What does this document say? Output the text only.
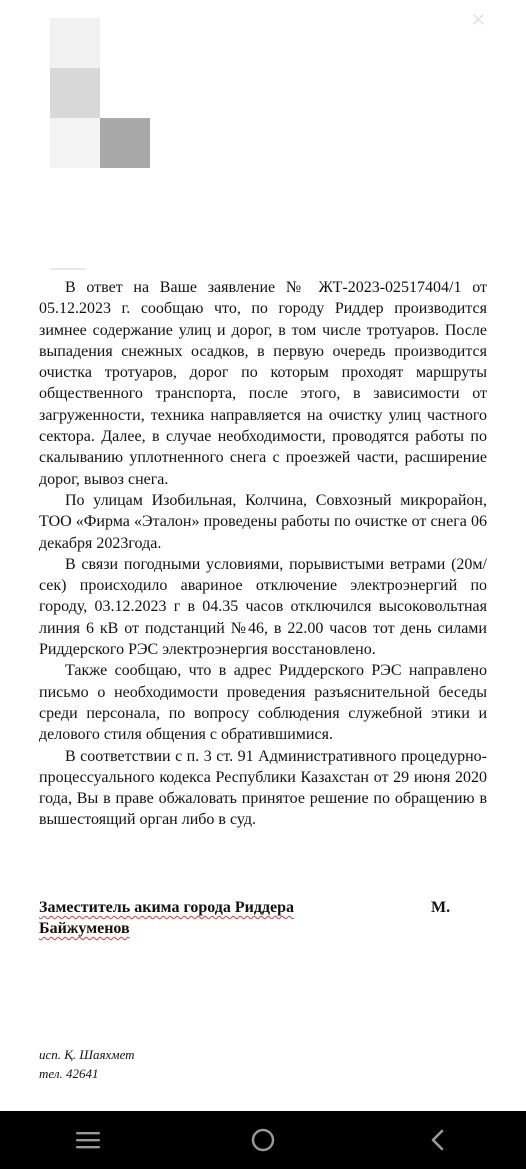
✕

В ответ на Ваше заявление № ЖТ-2023-02517404/1 от 05.12.2023 г. сообщаю что, по городу Риддер производится зимнее содержание улиц и дорог, в том числе тротуаров. После выпадения снежных осадков, в первую очередь производится очистка тротуаров, дорог по которым проходят маршруты общественного транспорта, после этого, в зависимости от загруженности, техника направляется на очистку улиц частного сектора. Далее, в случае необходимости, проводятся работы по скалыванию уплотненного снега с проезжей части, расширение дорог, вывоз снега.

По улицам Изобильная, Колчина, Совхозный микрорайон, ТОО «Фирма «Эталон» проведены работы по очистке от снега 06 декабря 2023года.

В связи погодными условиями, порывистыми ветрами (20м/сек) происходило авариное отключение электроэнергий по городу, 03.12.2023 г в 04.35 часов отключился высоковольтная линия 6 кВ от подстанций №46, в 22.00 часов тот день силами Риддерского РЭС электроэнергия восстановлено.

Также сообщаю, что в адрес Риддерского РЭС направлено письмо о необходимости проведения разъяснительной беседы среди персонала, по вопросу соблюдения служебной этики и делового стиля общения с обратившимися.

В соответствии с п. 3 ст. 91 Административного процедурно-процессуального кодекса Республики Казахстан от 29 июня 2020 года, Вы в праве обжаловать принятое решение по обращению в вышестоящий орган либо в суд.

Заместитель акима города Риддера	М.
Байжуменов
исп. Қ. Шаяхмет
тел. 42641
